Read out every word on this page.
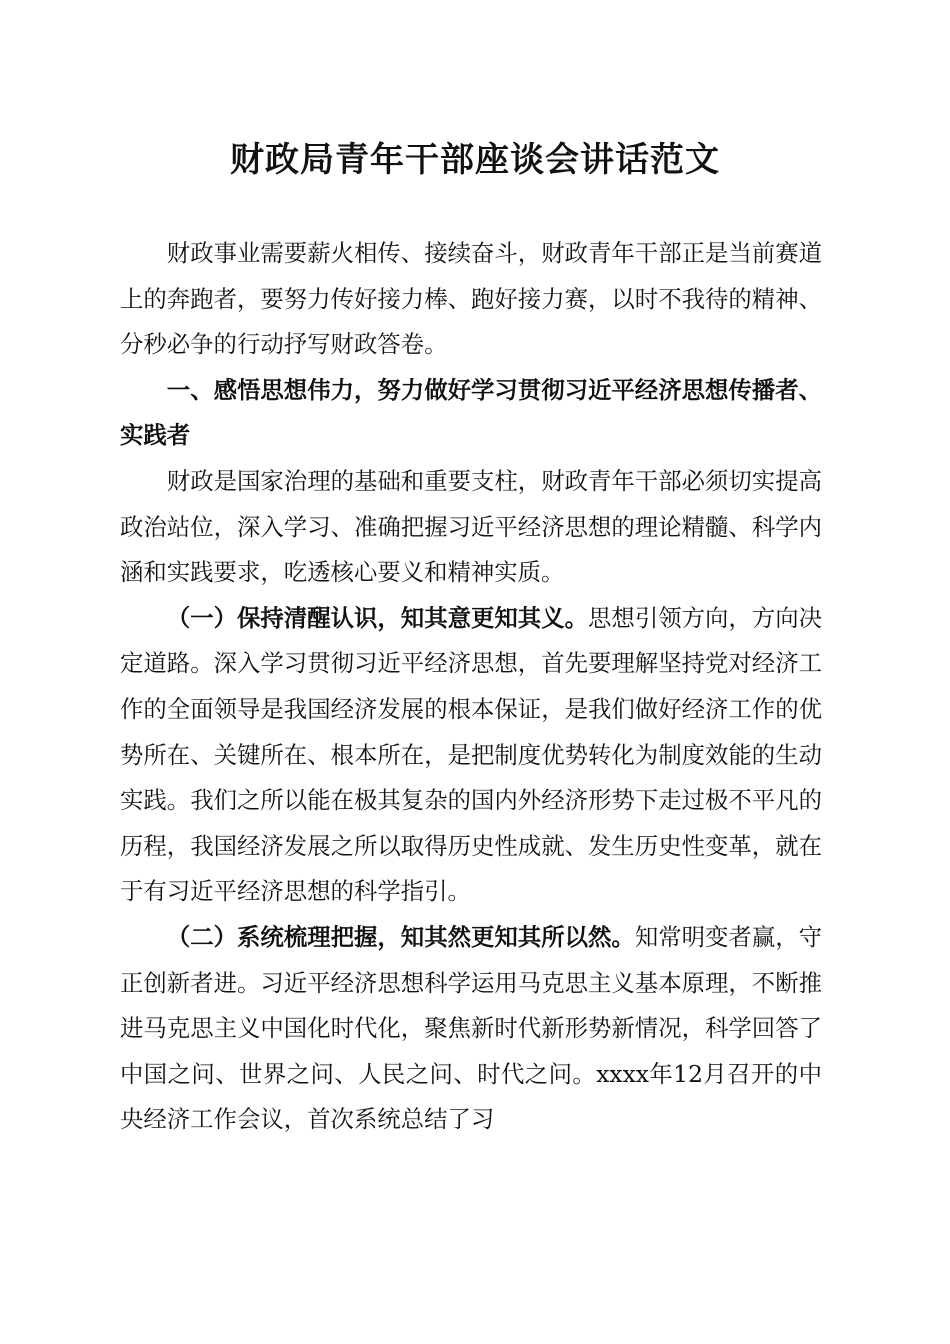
财政局青年干部座谈会讲话范文

财政事业需要薪火相传、接续奋斗，财政青年干部正是当前赛道上的奔跑者，要努力传好接力棒、跑好接力赛，以时不我待的精神、分秒必争的行动抒写财政答卷。

一、感悟思想伟力，努力做好学习贯彻习近平经济思想传播者、实践者

财政是国家治理的基础和重要支柱，财政青年干部必须切实提高政治站位，深入学习、准确把握习近平经济思想的理论精髓、科学内涵和实践要求，吃透核心要义和精神实质。

（一）保持清醒认识，知其意更知其义。思想引领方向，方向决定道路。深入学习贯彻习近平经济思想，首先要理解坚持党对经济工作的全面领导是我国经济发展的根本保证，是我们做好经济工作的优势所在、关键所在、根本所在，是把制度优势转化为制度效能的生动实践。我们之所以能在极其复杂的国内外经济形势下走过极不平凡的历程，我国经济发展之所以取得历史性成就、发生历史性变革，就在于有习近平经济思想的科学指引。

（二）系统梳理把握，知其然更知其所以然。知常明变者赢，守正创新者进。习近平经济思想科学运用马克思主义基本原理，不断推进马克思主义中国化时代化，聚焦新时代新形势新情况，科学回答了中国之问、世界之问、人民之问、时代之问。xxxx年12月召开的中央经济工作会议，首次系统总结了习
